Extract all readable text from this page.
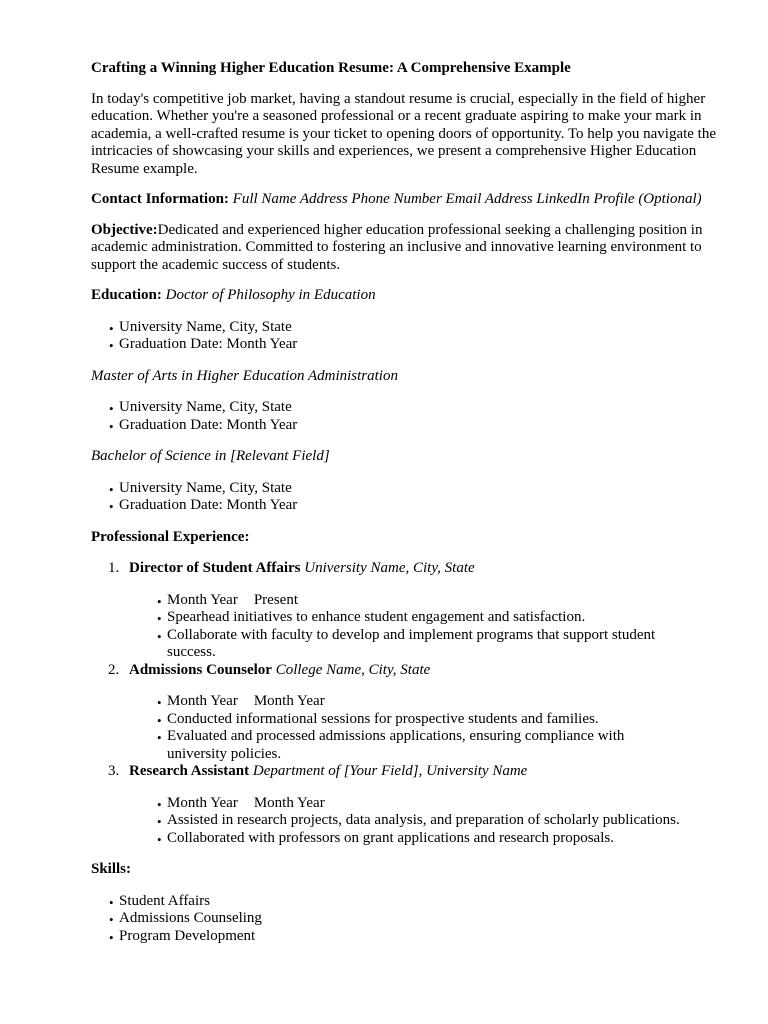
Crafting a Winning Higher Education Resume: A Comprehensive Example

In today's competitive job market, having a standout resume is crucial, especially in the field of higher education. Whether you're a seasoned professional or a recent graduate aspiring to make your mark in academia, a well-crafted resume is your ticket to opening doors of opportunity. To help you navigate the intricacies of showcasing your skills and experiences, we present a comprehensive Higher Education Resume example.

Contact Information: Full Name Address Phone Number Email Address LinkedIn Profile (Optional)

Objective:Dedicated and experienced higher education professional seeking a challenging position in academic administration. Committed to fostering an inclusive and innovative learning environment to support the academic success of students.

Education: Doctor of Philosophy in Education

• University Name, City, State
• Graduation Date: Month Year

Master of Arts in Higher Education Administration

• University Name, City, State
• Graduation Date: Month Year

Bachelor of Science in [Relevant Field]

• University Name, City, State
• Graduation Date: Month Year

Professional Experience:

1. Director of Student Affairs University Name, City, State
• Month Year Present
• Spearhead initiatives to enhance student engagement and satisfaction.
• Collaborate with faculty to develop and implement programs that support student success.
2. Admissions Counselor College Name, City, State
• Month Year Month Year
• Conducted informational sessions for prospective students and families.
• Evaluated and processed admissions applications, ensuring compliance with university policies.
3. Research Assistant Department of [Your Field], University Name
• Month Year Month Year
• Assisted in research projects, data analysis, and preparation of scholarly publications.
• Collaborated with professors on grant applications and research proposals.

Skills:

• Student Affairs
• Admissions Counseling
• Program Development
